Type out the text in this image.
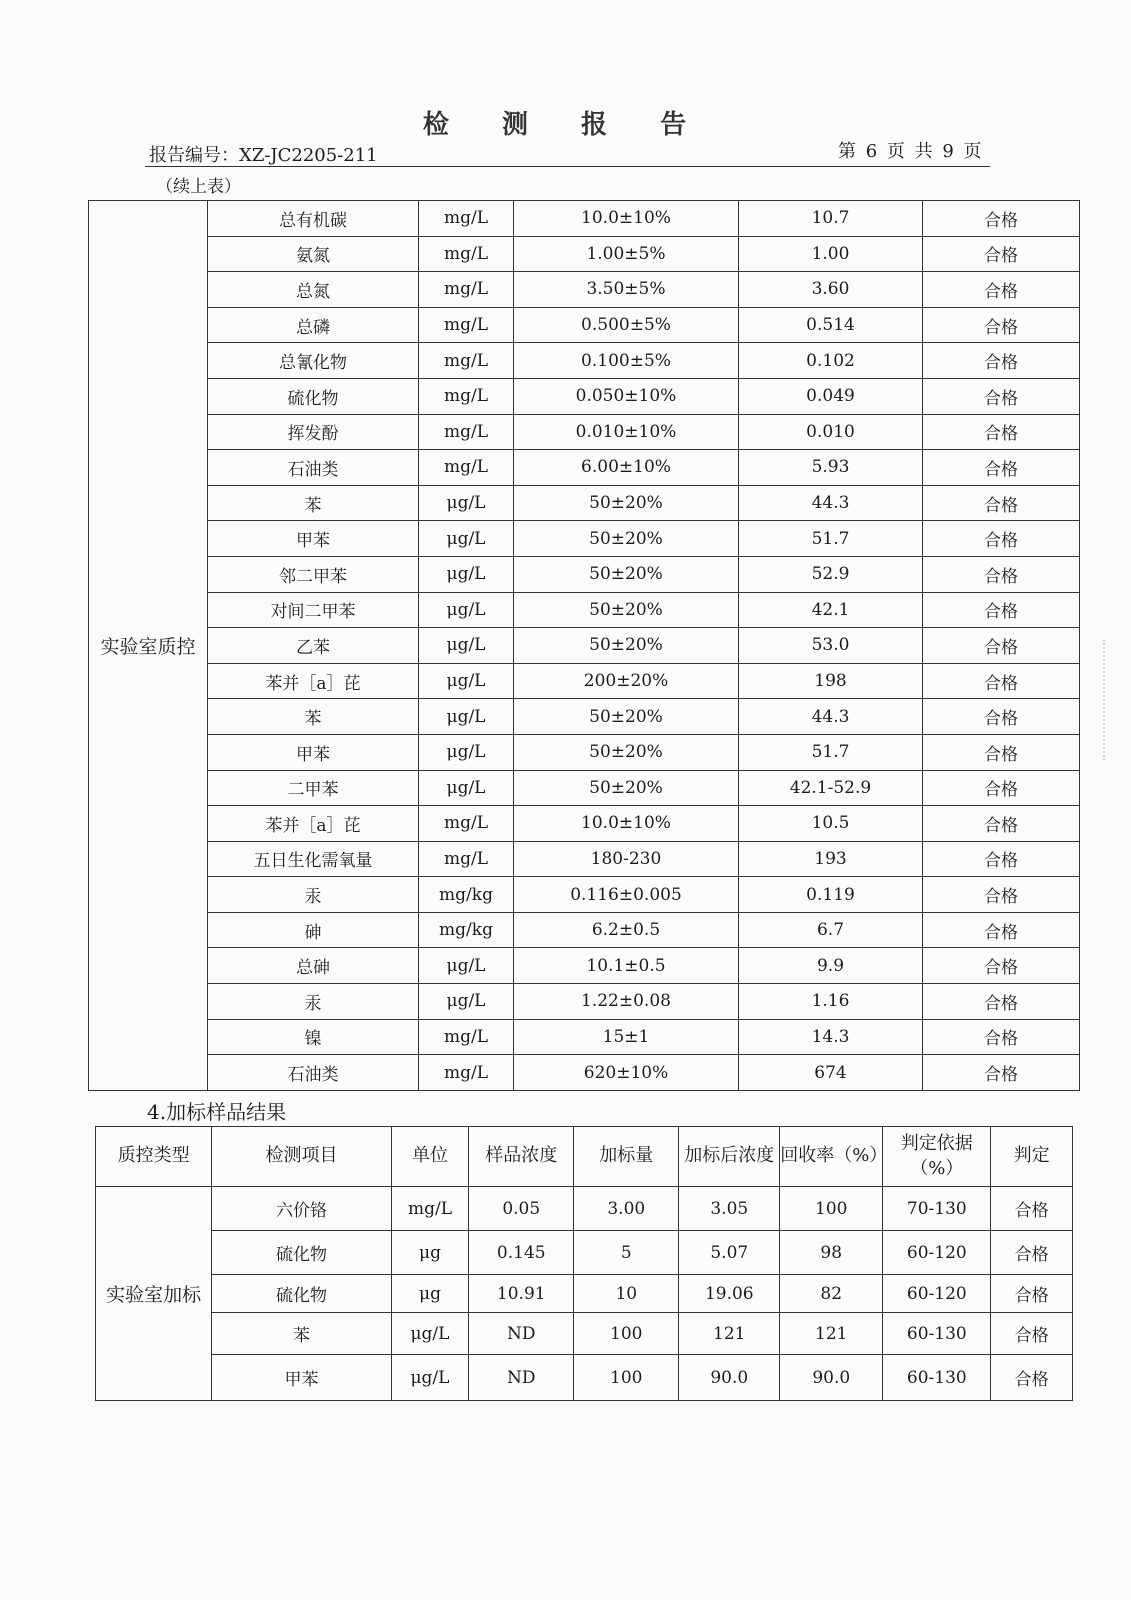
检 测 报 告
报告编号：XZ-JC2205-211	第 6 页 共 9 页
（续上表）
实验室质控	总有机碳	mg/L	10.0±10%	10.7	合格
	氨氮	mg/L	1.00±5%	1.00	合格
	总氮	mg/L	3.50±5%	3.60	合格
	总磷	mg/L	0.500±5%	0.514	合格
	总氰化物	mg/L	0.100±5%	0.102	合格
	硫化物	mg/L	0.050±10%	0.049	合格
	挥发酚	mg/L	0.010±10%	0.010	合格
	石油类	mg/L	6.00±10%	5.93	合格
	苯	μg/L	50±20%	44.3	合格
	甲苯	μg/L	50±20%	51.7	合格
	邻二甲苯	μg/L	50±20%	52.9	合格
	对间二甲苯	μg/L	50±20%	42.1	合格
	乙苯	μg/L	50±20%	53.0	合格
	苯并［a］芘	μg/L	200±20%	198	合格
	苯	μg/L	50±20%	44.3	合格
	甲苯	μg/L	50±20%	51.7	合格
	二甲苯	μg/L	50±20%	42.1-52.9	合格
	苯并［a］芘	mg/L	10.0±10%	10.5	合格
	五日生化需氧量	mg/L	180-230	193	合格
	汞	mg/kg	0.116±0.005	0.119	合格
	砷	mg/kg	6.2±0.5	6.7	合格
	总砷	μg/L	10.1±0.5	9.9	合格
	汞	μg/L	1.22±0.08	1.16	合格
	镍	mg/L	15±1	14.3	合格
	石油类	mg/L	620±10%	674	合格
4.加标样品结果
质控类型	检测项目	单位	样品浓度	加标量	加标后浓度	回收率（%）	判定依据（%）	判定
实验室加标	六价铬	mg/L	0.05	3.00	3.05	100	70-130	合格
	硫化物	μg	0.145	5	5.07	98	60-120	合格
	硫化物	μg	10.91	10	19.06	82	60-120	合格
	苯	μg/L	ND	100	121	121	60-130	合格
	甲苯	μg/L	ND	100	90.0	90.0	60-130	合格
